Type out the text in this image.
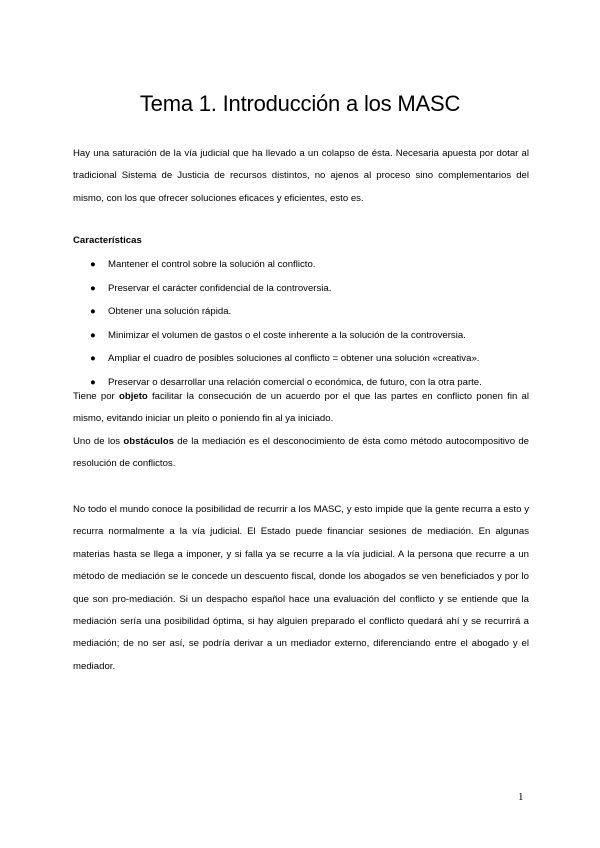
Tema 1. Introducción a los MASC

Hay una saturación de la vía judicial que ha llevado a un colapso de ésta. Necesaria apuesta por dotar al tradicional Sistema de Justicia de recursos distintos, no ajenos al proceso sino complementarios del mismo, con los que ofrecer soluciones eficaces y eficientes, esto es.

Características
● Mantener el control sobre la solución al conflicto.
● Preservar el carácter confidencial de la controversia.
● Obtener una solución rápida.
● Minimizar el volumen de gastos o el coste inherente a la solución de la controversia.
● Ampliar el cuadro de posibles soluciones al conflicto = obtener una solución «creativa».
● Preservar o desarrollar una relación comercial o económica, de futuro, con la otra parte.

Tiene por objeto facilitar la consecución de un acuerdo por el que las partes en conflicto ponen fin al mismo, evitando iniciar un pleito o poniendo fin al ya iniciado.

Uno de los obstáculos de la mediación es el desconocimiento de ésta como método autocompositivo de resolución de conflictos.

No todo el mundo conoce la posibilidad de recurrir a los MASC, y esto impide que la gente recurra a esto y recurra normalmente a la vía judicial. El Estado puede financiar sesiones de mediación. En algunas materias hasta se llega a imponer, y si falla ya se recurre a la vía judicial. A la persona que recurre a un método de mediación se le concede un descuento fiscal, donde los abogados se ven beneficiados y por lo que son pro-mediación. Si un despacho español hace una evaluación del conflicto y se entiende que la mediación sería una posibilidad óptima, si hay alguien preparado el conflicto quedará ahí y se recurrirá a mediación; de no ser así, se podría derivar a un mediador externo, diferenciando entre el abogado y el mediador.

1
